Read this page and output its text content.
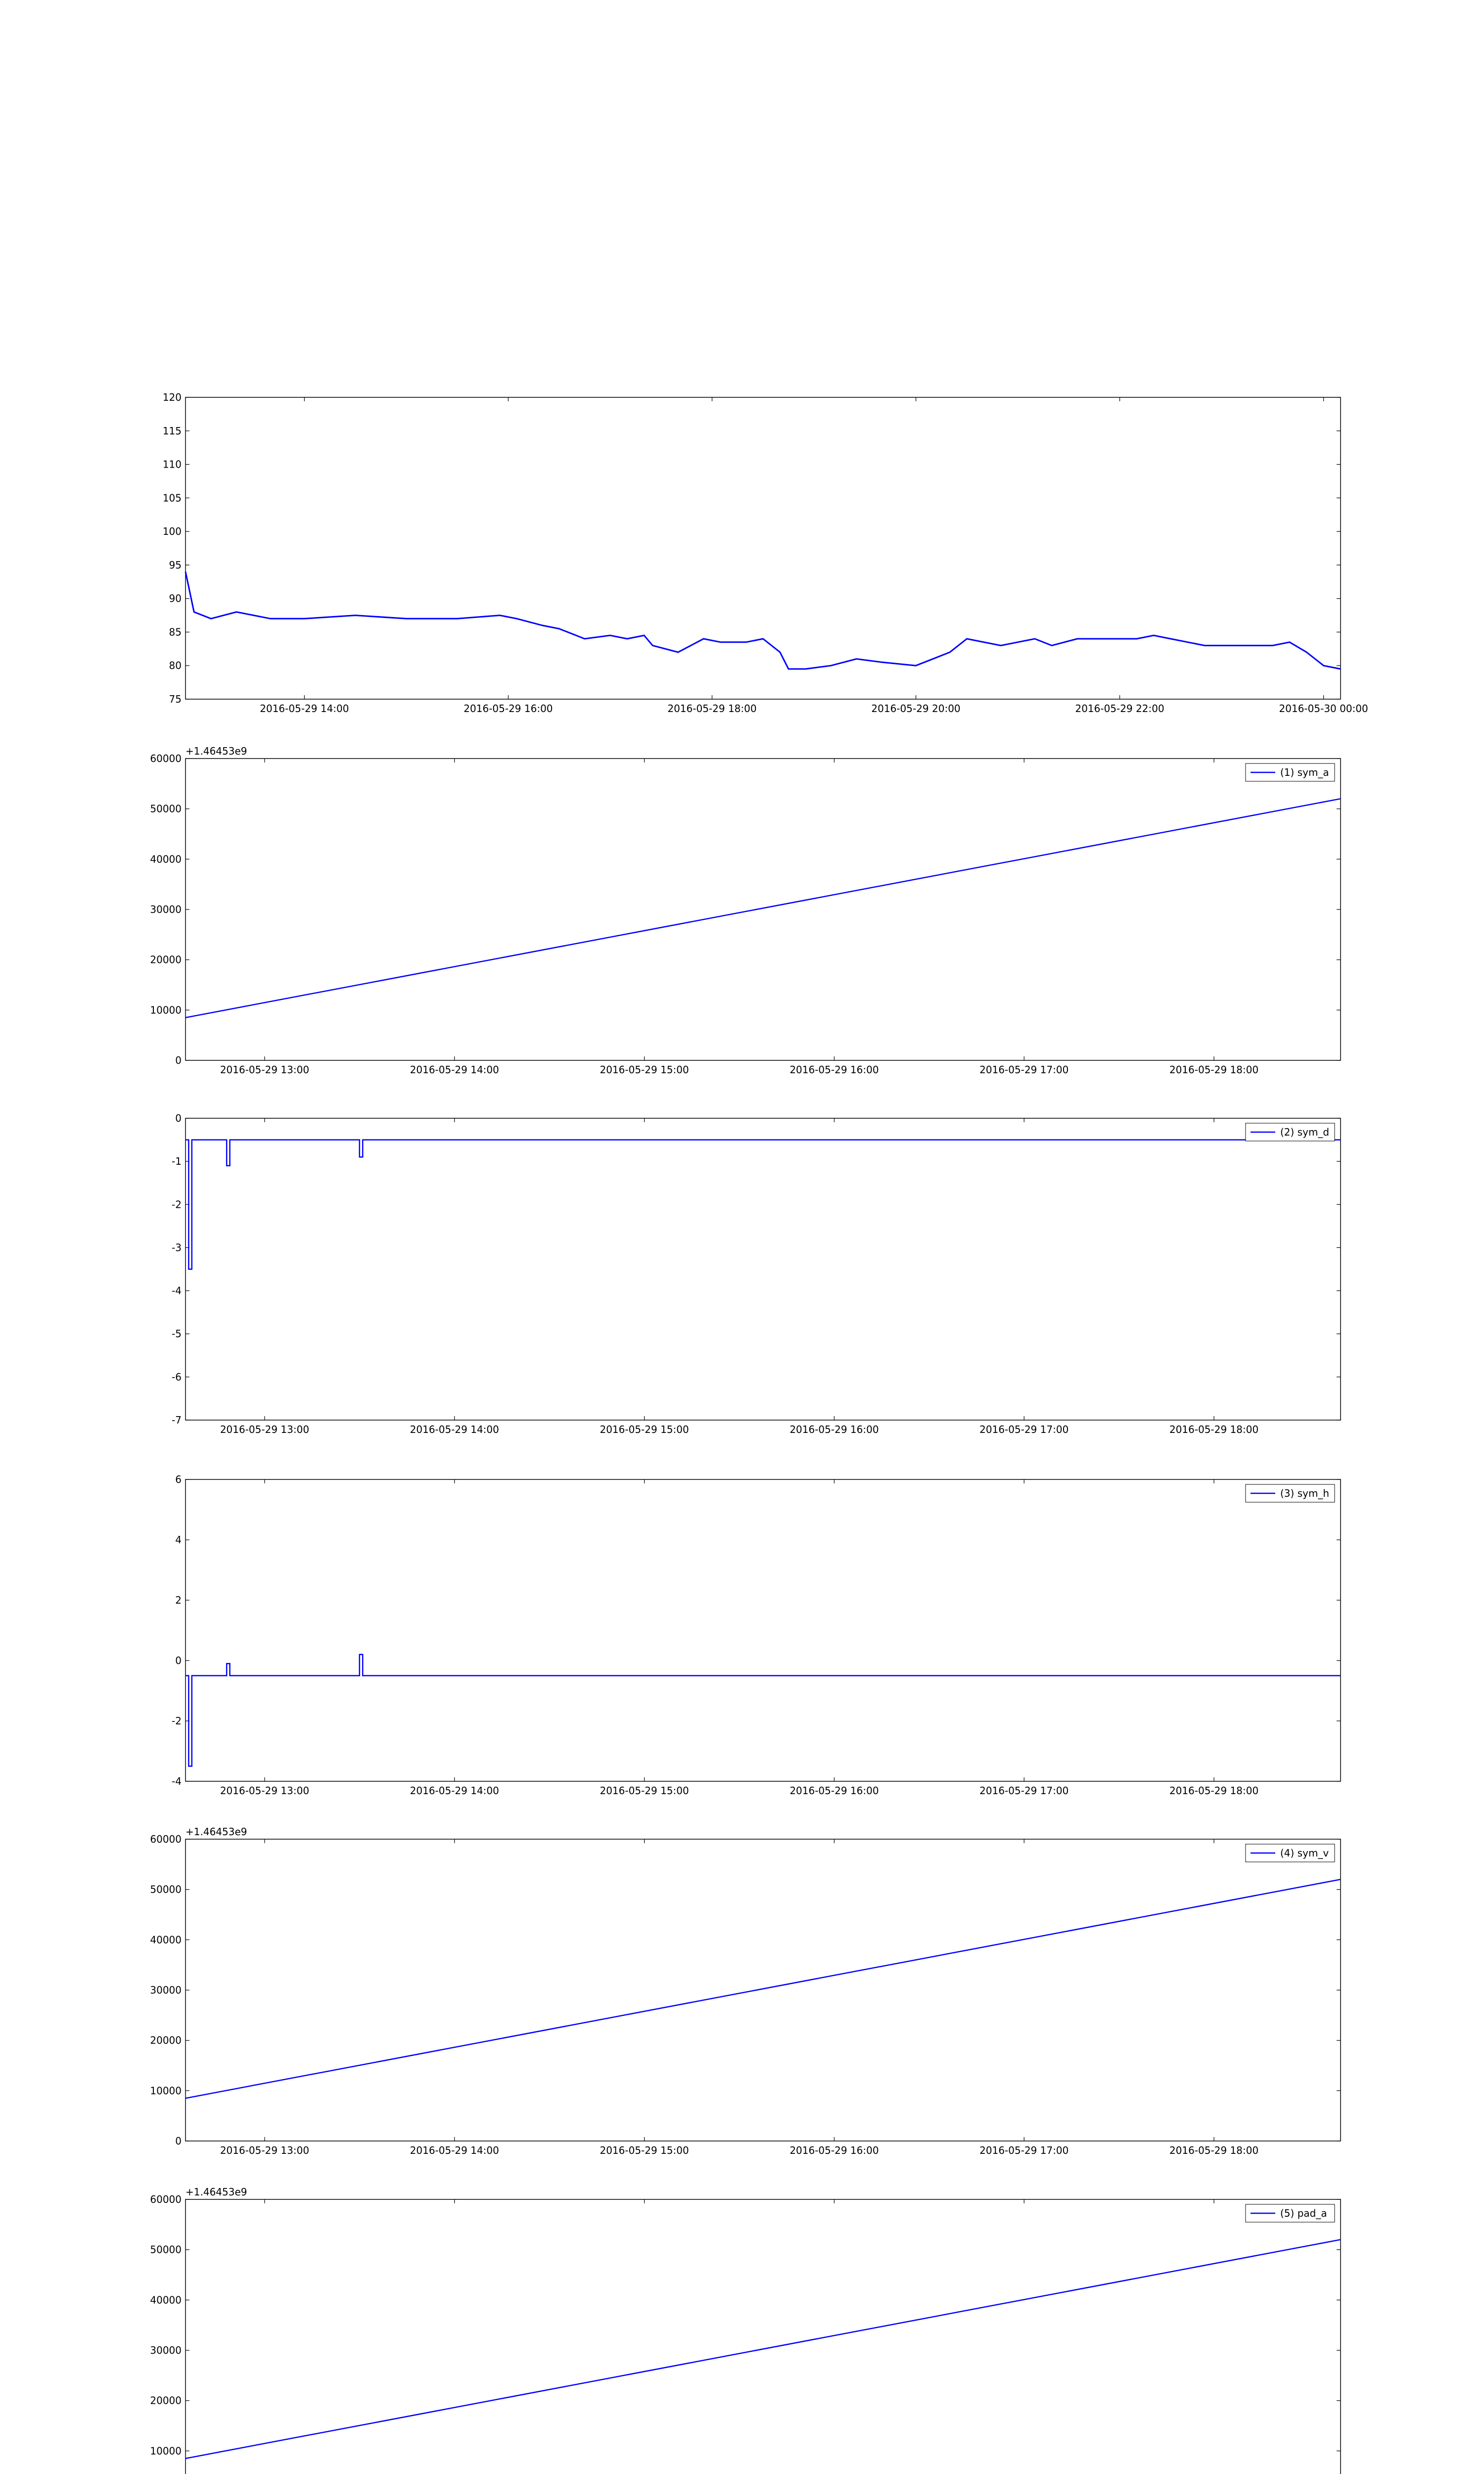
75
80
85
90
95
100
105
110
115
120
2016-05-29 14:00	2016-05-29 16:00	2016-05-29 18:00	2016-05-29 20:00	2016-05-29 22:00	2016-05-30 00:00
0
10000
20000
30000
40000
50000
60000
2016-05-29 13:00	2016-05-29 14:00	2016-05-29 15:00	2016-05-29 16:00	2016-05-29 17:00	2016-05-29 18:00
+1.46453e9
(1) sym_a
-7
-6
-5
-4
-3
-2
-1
0
2016-05-29 13:00	2016-05-29 14:00	2016-05-29 15:00	2016-05-29 16:00	2016-05-29 17:00	2016-05-29 18:00
(2) sym_d
-4
-2
0
2
4
6
2016-05-29 13:00	2016-05-29 14:00	2016-05-29 15:00	2016-05-29 16:00	2016-05-29 17:00	2016-05-29 18:00
(3) sym_h
0
10000
20000
30000
40000
50000
60000
2016-05-29 13:00	2016-05-29 14:00	2016-05-29 15:00	2016-05-29 16:00	2016-05-29 17:00	2016-05-29 18:00
+1.46453e9
(4) sym_v
10000
20000
30000
40000
50000
60000
+1.46453e9
(5) pad_a
